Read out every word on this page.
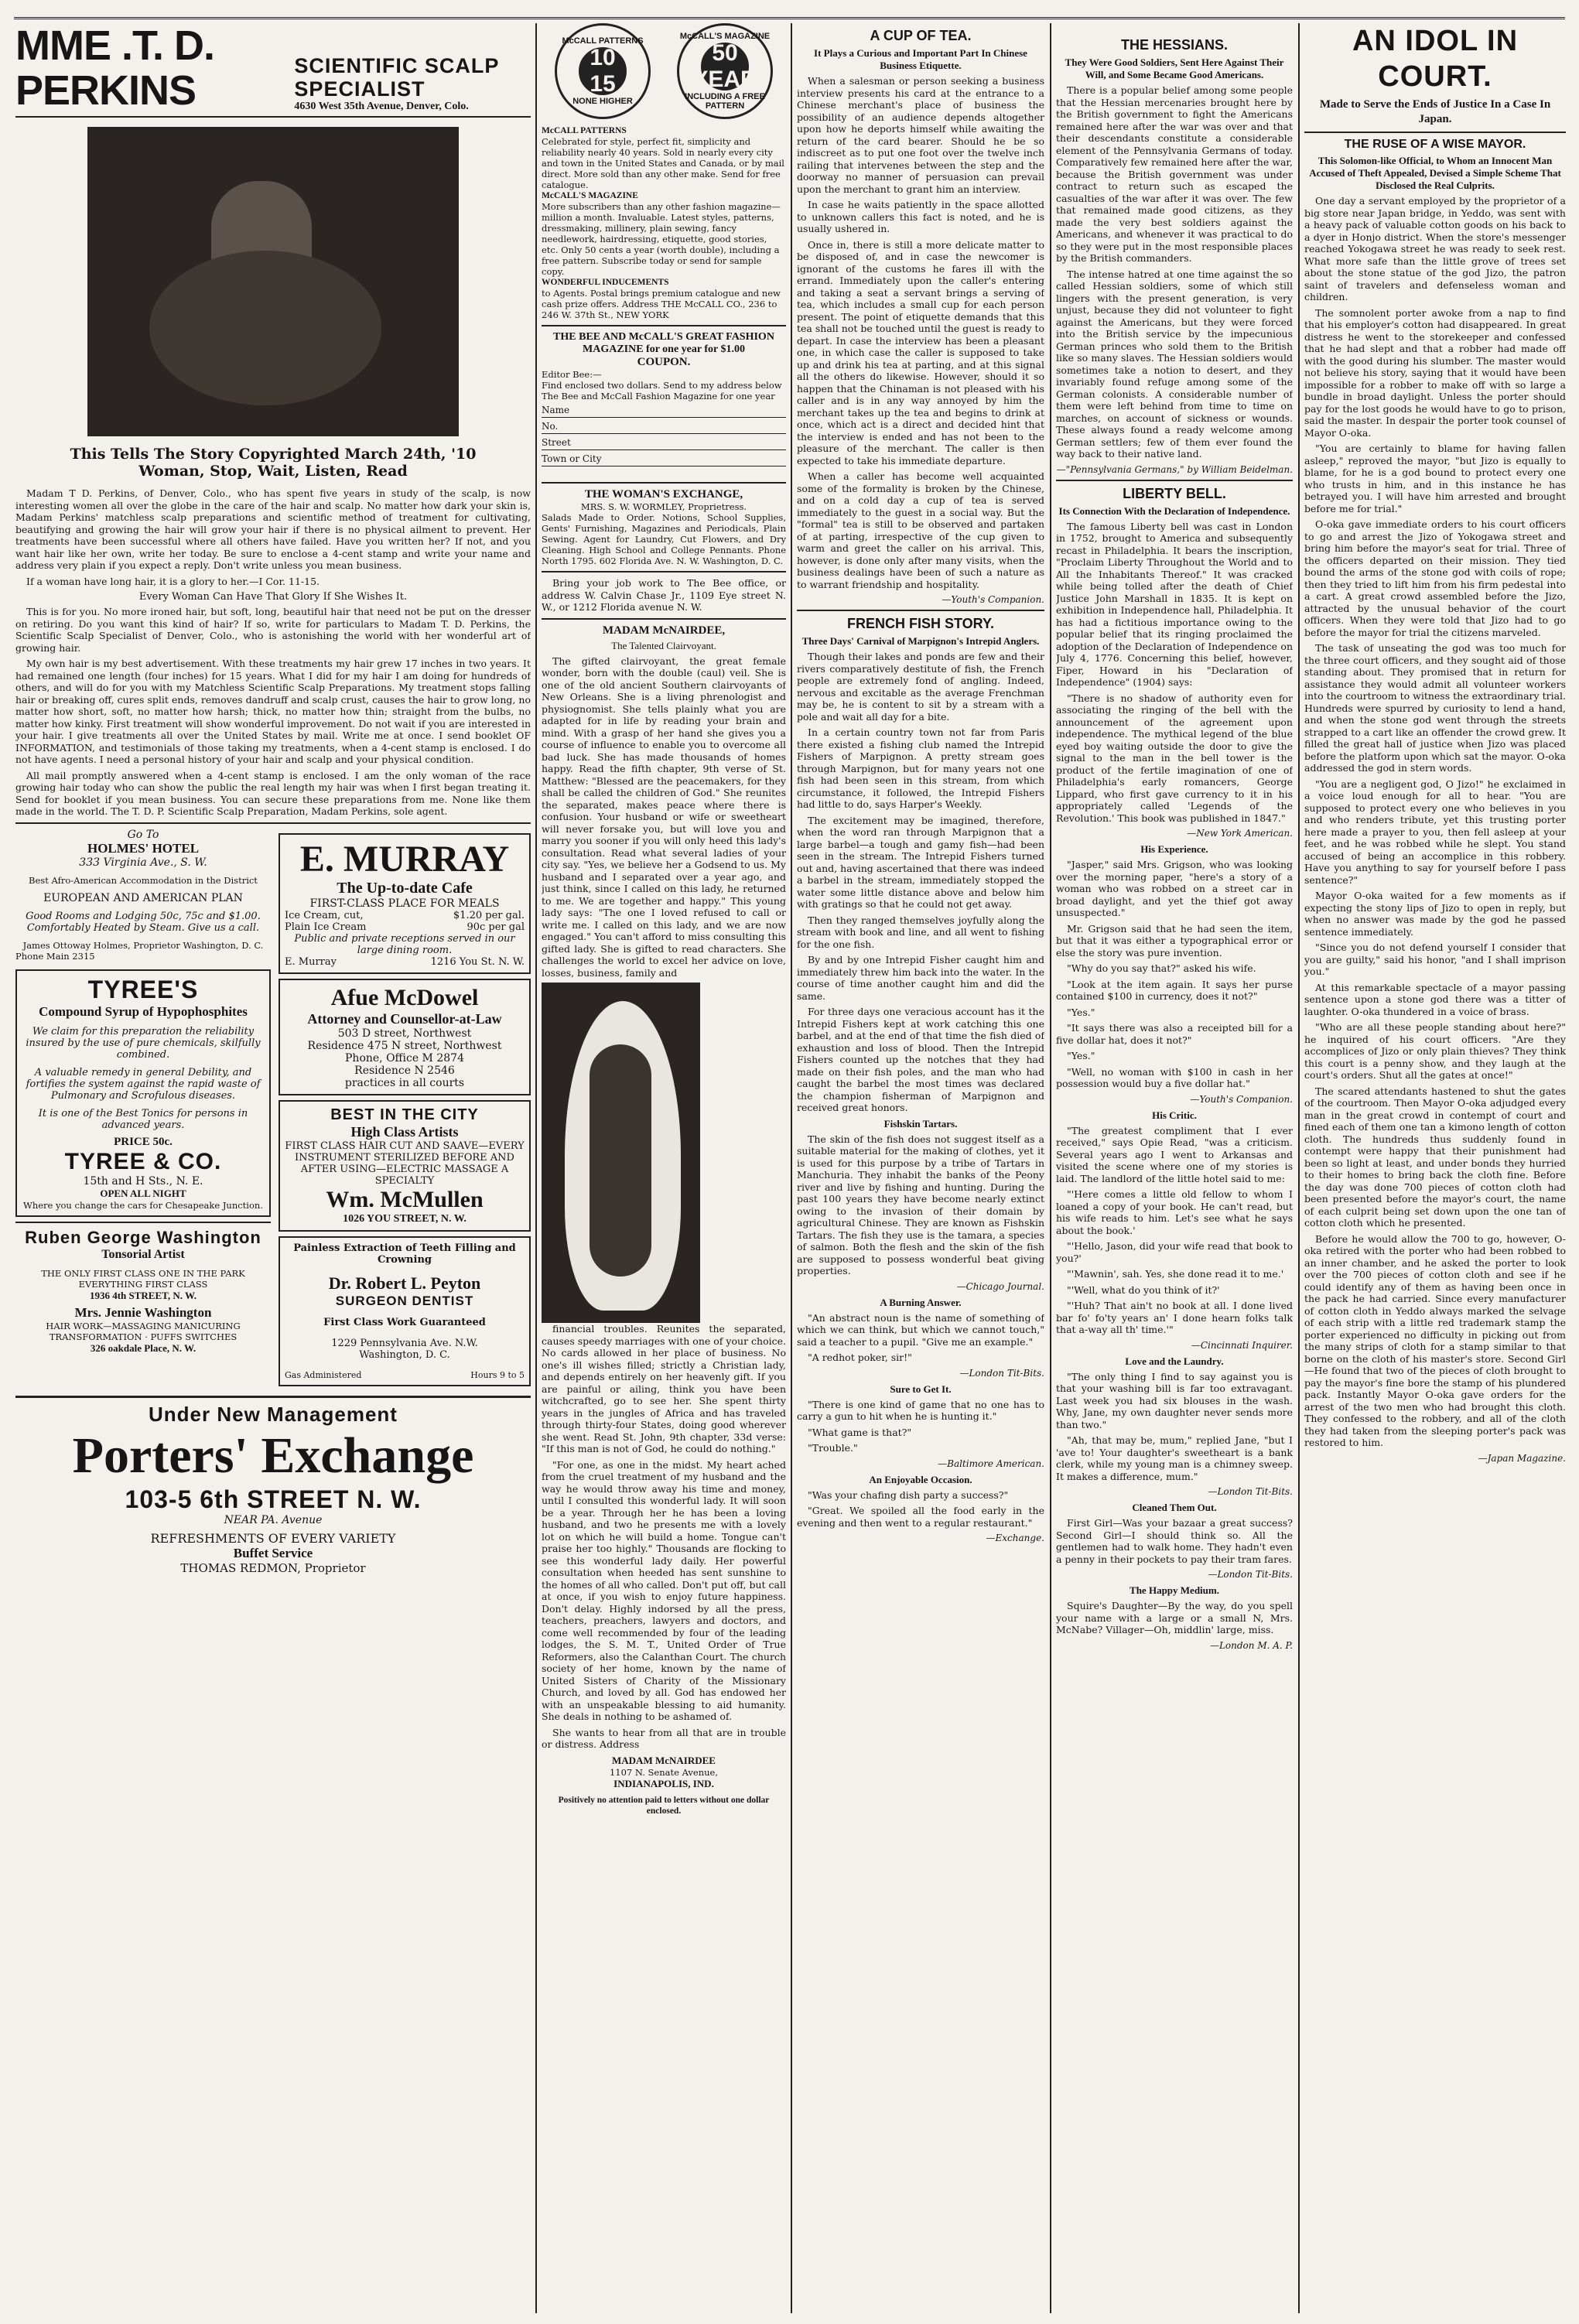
MME .T. D. PERKINS
SCIENTIFIC SCALP SPECIALIST
4630 West 35th Avenue, Denver, Colo.
This Tells The Story Copyrighted March 24th, '10
Woman, Stop, Wait, Listen, Read

Madam T D. Perkins, of Denver, Colo., who has spent five years in study of the scalp, is now interesting women all over the globe in the care of the hair and scalp. No matter how dark your skin is, Madam Perkins' matchless scalp preparations and scientific method of treatment for cultivating, beautifying and growing the hair will grow your hair if there is no physical ailment to prevent. Her treatments have been successful where all others have failed. Have you written her? If not, and you want hair like her own, write her today. Be sure to enclose a 4-cent stamp and write your name and address very plain if you expect a reply. Don't write unless you mean business.

If a woman have long hair, it is a glory to her.—I Cor. 11-15.

Every Woman Can Have That Glory If She Wishes It.

This is for you. No more ironed hair, but soft, long, beautiful hair that need not be put on the dresser on retiring. Do you want this kind of hair? If so, write for particulars to Madam T. D. Perkins, the Scientific Scalp Specialist of Denver, Colo., who is astonishing the world with her wonderful art of growing hair.

My own hair is my best advertisement. With these treatments my hair grew 17 inches in two years. It had remained one length (four inches) for 15 years. What I did for my hair I am doing for hundreds of others, and will do for you with my Matchless Scientific Scalp Preparations. My treatment stops falling hair or breaking off, cures split ends, removes dandruff and scalp crust, causes the hair to grow long, no matter how short, soft, no matter how harsh; thick, no matter how thin; straight from the bulbs, no matter how kinky. First treatment will show wonderful improvement. Do not wait if you are interested in your hair. I give treatments all over the United States by mail. Write me at once. I send booklet OF INFORMATION, and testimonials of those taking my treatments, when a 4-cent stamp is enclosed. I do not have agents. I need a personal history of your hair and scalp and your physical condition.

All mail promptly answered when a 4-cent stamp is enclosed. I am the only woman of the race growing hair today who can show the public the real length my hair was when I first began treating it. Send for booklet if you mean business. You can secure these preparations from me. None like them made in the world. The T. D. P. Scientific Scalp Preparation, Madam Perkins, sole agent.

Go To
HOLMES' HOTEL
333 Virginia Ave., S. W.
Best Afro-American Accommodation in the District
EUROPEAN AND AMERICAN PLAN
Good Rooms and Lodging 50c, 75c and $1.00. Comfortably Heated by Steam. Give us a call.
James Ottoway Holmes, Proprietor Washington, D. C.
Phone Main 2315
TYREE'S
Compound Syrup of Hypophosphites
We claim for this preparation the reliability insured by the use of pure chemicals, skilfully combined.
A valuable remedy in general Debility, and fortifies the system against the rapid waste of Pulmonary and Scrofulous diseases.
It is one of the Best Tonics for persons in advanced years.
PRICE 50c.
TYREE & CO.
15th and H Sts., N. E.
OPEN ALL NIGHT
Where you change the cars for Chesapeake Junction.
Ruben George Washington
Tonsorial Artist
THE ONLY FIRST CLASS ONE IN THE PARK
EVERYTHING FIRST CLASS
1936 4th STREET, N. W.
Mrs. Jennie Washington
HAIR WORK—MASSAGING MANICURING
TRANSFORMATION · PUFFS SWITCHES
326 oakdale Place, N. W.
E. MURRAY
The Up-to-date Cafe
FIRST-CLASS PLACE FOR MEALS
Ice Cream, cut,	$1.20 per gal.
Plain Ice Cream	90c per gal
Public and private receptions served in our large dining room.
E. Murray	1216 You St. N. W.
Afue McDowel
Attorney and Counsellor-at-Law
503 D street, Northwest
Residence 475 N street, Northwest
Phone, Office M 2874
Residence N 2546
practices in all courts
BEST IN THE CITY
High Class Artists
FIRST CLASS HAIR CUT AND SAAVE—EVERY INSTRUMENT STERILIZED BEFORE AND AFTER USING—ELECTRIC MASSAGE A SPECIALTY
Wm. McMullen
1026 YOU STREET, N. W.
Painless Extraction of Teeth Filling and Crowning
Dr. Robert L. Peyton
SURGEON DENTIST
First Class Work Guaranteed
1229 Pennsylvania Ave. N.W.
Washington, D. C.
Gas Administered	Hours 9 to 5
Under New Management
Porters' Exchange
103-5 6th STREET N. W.
NEAR PA. Avenue
REFRESHMENTS OF EVERY VARIETY
Buffet Service
THOMAS REDMON, Proprietor
McCALL PATTERNS
10 15
NONE HIGHER
McCALL'S MAGAZINE
50 YEAR
INCLUDING A FREE PATTERN
McCALL PATTERNS
Celebrated for style, perfect fit, simplicity and reliability nearly 40 years. Sold in nearly every city and town in the United States and Canada, or by mail direct. More sold than any other make. Send for free catalogue.
McCALL'S MAGAZINE
More subscribers than any other fashion magazine—million a month. Invaluable. Latest styles, patterns, dressmaking, millinery, plain sewing, fancy needlework, hairdressing, etiquette, good stories, etc. Only 50 cents a year (worth double), including a free pattern. Subscribe today or send for sample copy.
WONDERFUL INDUCEMENTS
to Agents. Postal brings premium catalogue and new cash prize offers. Address THE McCALL CO., 236 to 246 W. 37th St., NEW YORK
THE BEE AND McCALL'S GREAT FASHION MAGAZINE for one year for $1.00
COUPON.
Editor Bee:—
Find enclosed two dollars. Send to my address below The Bee and McCall Fashion Magazine for one year
Name
No.
Street
Town or City
THE WOMAN'S EXCHANGE,
MRS. S. W. WORMLEY, Proprietress.
Salads Made to Order. Notions, School Supplies, Gents' Furnishing, Magazines and Periodicals, Plain Sewing. Agent for Laundry, Cut Flowers, and Dry Cleaning. High School and College Pennants. Phone North 1795. 602 Florida Ave. N. W. Washington, D. C.

Bring your job work to The Bee office, or address W. Calvin Chase Jr., 1109 Eye street N. W., or 1212 Florida avenue N. W.

MADAM McNAIRDEE,
The Talented Clairvoyant.

The gifted clairvoyant, the great female wonder, born with the double (caul) veil. She is one of the old ancient Southern clairvoyants of New Orleans. She is a living phrenologist and physiognomist. She tells plainly what you are adapted for in life by reading your brain and mind. With a grasp of her hand she gives you a course of influence to enable you to overcome all bad luck. She has made thousands of homes happy. Read the fifth chapter, 9th verse of St. Matthew: "Blessed are the peacemakers, for they shall be called the children of God." She reunites the separated, makes peace where there is confusion. Your husband or wife or sweetheart will never forsake you, but will love you and marry you sooner if you will only heed this lady's consultation. Read what several ladies of your city say. "Yes, we believe her a Godsend to us. My husband and I separated over a year ago, and just think, since I called on this lady, he returned to me. We are together and happy." This young lady says: "The one I loved refused to call or write me. I called on this lady, and we are now engaged." You can't afford to miss consulting this gifted lady. She is gifted to read characters. She challenges the world to excel her advice on love, losses, business, family and

financial troubles. Reunites the separated, causes speedy marriages with one of your choice. No cards allowed in her place of business. No one's ill wishes filled; strictly a Christian lady, and depends entirely on her heavenly gift. If you are painful or ailing, think you have been witchcrafted, go to see her. She spent thirty years in the jungles of Africa and has traveled through thirty-four States, doing good wherever she went. Read St. John, 9th chapter, 33d verse: "If this man is not of God, he could do nothing."

"For one, as one in the midst. My heart ached from the cruel treatment of my husband and the way he would throw away his time and money, until I consulted this wonderful lady. It will soon be a year. Through her he has been a loving husband, and two he presents me with a lovely lot on which he will build a home. Tongue can't praise her too highly." Thousands are flocking to see this wonderful lady daily. Her powerful consultation when heeded has sent sunshine to the homes of all who called. Don't put off, but call at once, if you wish to enjoy future happiness. Don't delay. Highly indorsed by all the press, teachers, preachers, lawyers and doctors, and come well recommended by four of the leading lodges, the S. M. T., United Order of True Reformers, also the Calanthan Court. The church society of her home, known by the name of United Sisters of Charity of the Missionary Church, and loved by all. God has endowed her with an unspeakable blessing to aid humanity. She deals in nothing to be ashamed of.

She wants to hear from all that are in trouble or distress. Address

MADAM McNAIRDEE
1107 N. Senate Avenue,
INDIANAPOLIS, IND.
Positively no attention paid to letters without one dollar enclosed.
A CUP OF TEA.
It Plays a Curious and Important Part In Chinese Business Etiquette.

When a salesman or person seeking a business interview presents his card at the entrance to a Chinese merchant's place of business the possibility of an audience depends altogether upon how he deports himself while awaiting the return of the card bearer. Should he be so indiscreet as to put one foot over the twelve inch railing that intervenes between the step and the doorway no manner of persuasion can prevail upon the merchant to grant him an interview.

In case he waits patiently in the space allotted to unknown callers this fact is noted, and he is usually ushered in.

Once in, there is still a more delicate matter to be disposed of, and in case the newcomer is ignorant of the customs he fares ill with the errand. Immediately upon the caller's entering and taking a seat a servant brings a serving of tea, which includes a small cup for each person present. The point of etiquette demands that this tea shall not be touched until the guest is ready to depart. In case the interview has been a pleasant one, in which case the caller is supposed to take up and drink his tea at parting, and at this signal all the others do likewise. However, should it so happen that the Chinaman is not pleased with his caller and is in any way annoyed by him the merchant takes up the tea and begins to drink at once, which act is a direct and decided hint that the interview is ended and has not been to the pleasure of the merchant. The caller is then expected to take his immediate departure.

When a caller has become well acquainted some of the formality is broken by the Chinese, and on a cold day a cup of tea is served immediately to the guest in a social way. But the "formal" tea is still to be observed and partaken of at parting, irrespective of the cup given to warm and greet the caller on his arrival. This, however, is done only after many visits, when the business dealings have been of such a nature as to warrant friendship and hospitality.

—Youth's Companion.
FRENCH FISH STORY.
Three Days' Carnival of Marpignon's Intrepid Anglers.

Though their lakes and ponds are few and their rivers comparatively destitute of fish, the French people are extremely fond of angling. Indeed, nervous and excitable as the average Frenchman may be, he is content to sit by a stream with a pole and wait all day for a bite.

In a certain country town not far from Paris there existed a fishing club named the Intrepid Fishers of Marpignon. A pretty stream goes through Marpignon, but for many years not one fish had been seen in this stream, from which circumstance, it followed, the Intrepid Fishers had little to do, says Harper's Weekly.

The excitement may be imagined, therefore, when the word ran through Marpignon that a large barbel—a tough and gamy fish—had been seen in the stream. The Intrepid Fishers turned out and, having ascertained that there was indeed a barbel in the stream, immediately stopped the water some little distance above and below him with gratings so that he could not get away.

Then they ranged themselves joyfully along the stream with book and line, and all went to fishing for the one fish.

By and by one Intrepid Fisher caught him and immediately threw him back into the water. In the course of time another caught him and did the same.

For three days one veracious account has it the Intrepid Fishers kept at work catching this one barbel, and at the end of that time the fish died of exhaustion and loss of blood. Then the Intrepid Fishers counted up the notches that they had made on their fish poles, and the man who had caught the barbel the most times was declared the champion fisherman of Marpignon and received great honors.

Fishskin Tartars.

The skin of the fish does not suggest itself as a suitable material for the making of clothes, yet it is used for this purpose by a tribe of Tartars in Manchuria. They inhabit the banks of the Peony river and live by fishing and hunting. During the past 100 years they have become nearly extinct owing to the invasion of their domain by agricultural Chinese. They are known as Fishskin Tartars. The fish they use is the tamara, a species of salmon. Both the flesh and the skin of the fish are supposed to possess wonderful beat giving properties.

—Chicago Journal.
A Burning Answer.

"An abstract noun is the name of something of which we can think, but which we cannot touch," said a teacher to a pupil. "Give me an example."

"A redhot poker, sir!"

—London Tit-Bits.
Sure to Get It.

"There is one kind of game that no one has to carry a gun to hit when he is hunting it."

"What game is that?"

"Trouble."

—Baltimore American.
An Enjoyable Occasion.

"Was your chafing dish party a success?"

"Great. We spoiled all the food early in the evening and then went to a regular restaurant."

—Exchange.
THE HESSIANS.
They Were Good Soldiers, Sent Here Against Their Will, and Some Became Good Americans.

There is a popular belief among some people that the Hessian mercenaries brought here by the British government to fight the Americans remained here after the war was over and that their descendants constitute a considerable element of the Pennsylvania Germans of today. Comparatively few remained here after the war, because the British government was under contract to return such as escaped the casualties of the war after it was over. The few that remained made good citizens, as they made the very best soldiers against the Americans, and whenever it was practical to do so they were put in the most responsible places by the British commanders.

The intense hatred at one time against the so called Hessian soldiers, some of which still lingers with the present generation, is very unjust, because they did not volunteer to fight against the Americans, but they were forced into the British service by the impecunious German princes who sold them to the British like so many slaves. The Hessian soldiers would sometimes take a notion to desert, and they invariably found refuge among some of the German colonists. A considerable number of them were left behind from time to time on marches, on account of sickness or wounds. These always found a ready welcome among German settlers; few of them ever found the way back to their native land.

—"Pennsylvania Germans," by William Beidelman.
LIBERTY BELL.
Its Connection With the Declaration of Independence.

The famous Liberty bell was cast in London in 1752, brought to America and subsequently recast in Philadelphia. It bears the inscription, "Proclaim Liberty Throughout the World and to All the Inhabitants Thereof." It was cracked while being tolled after the death of Chief Justice John Marshall in 1835. It is kept on exhibition in Independence hall, Philadelphia. It has had a fictitious importance owing to the popular belief that its ringing proclaimed the adoption of the Declaration of Independence on July 4, 1776. Concerning this belief, however, Fiper, Howard in his "Declaration of Independence" (1904) says:

"There is no shadow of authority even for associating the ringing of the bell with the announcement of the agreement upon independence. The mythical legend of the blue eyed boy waiting outside the door to give the signal to the man in the bell tower is the product of the fertile imagination of one of Philadelphia's early romancers, George Lippard, who first gave currency to it in his appropriately called 'Legends of the Revolution.' This book was published in 1847."

—New York American.
His Experience.

"Jasper," said Mrs. Grigson, who was looking over the morning paper, "here's a story of a woman who was robbed on a street car in broad daylight, and yet the thief got away unsuspected."

Mr. Grigson said that he had seen the item, but that it was either a typographical error or else the story was pure invention.

"Why do you say that?" asked his wife.

"Look at the item again. It says her purse contained $100 in currency, does it not?"

"Yes."

"It says there was also a receipted bill for a five dollar hat, does it not?"

"Yes."

"Well, no woman with $100 in cash in her possession would buy a five dollar hat."

—Youth's Companion.
His Critic.

"The greatest compliment that I ever received," says Opie Read, "was a criticism. Several years ago I went to Arkansas and visited the scene where one of my stories is laid. The landlord of the little hotel said to me:

"'Here comes a little old fellow to whom I loaned a copy of your book. He can't read, but his wife reads to him. Let's see what he says about the book.'

"'Hello, Jason, did your wife read that book to you?'

"'Mawnin', sah. Yes, she done read it to me.'

"'Well, what do you think of it?'

"'Huh? That ain't no book at all. I done lived bar fo' fo'ty years an' I done hearn folks talk that a-way all th' time.'"

—Cincinnati Inquirer.
Love and the Laundry.

"The only thing I find to say against you is that your washing bill is far too extravagant. Last week you had six blouses in the wash. Why, Jane, my own daughter never sends more than two."

"Ah, that may be, mum," replied Jane, "but I 'ave to! Your daughter's sweetheart is a bank clerk, while my young man is a chimney sweep. It makes a difference, mum."

—London Tit-Bits.
Cleaned Them Out.

First Girl—Was your bazaar a great success? Second Girl—I should think so. All the gentlemen had to walk home. They hadn't even a penny in their pockets to pay their tram fares.

—London Tit-Bits.
The Happy Medium.

Squire's Daughter—By the way, do you spell your name with a large or a small N, Mrs. McNabe? Villager—Oh, middlin' large, miss.

—London M. A. P.
AN IDOL IN COURT.
Made to Serve the Ends of Justice In a Case In Japan.
THE RUSE OF A WISE MAYOR.
This Solomon-like Official, to Whom an Innocent Man Accused of Theft Appealed, Devised a Simple Scheme That Disclosed the Real Culprits.

One day a servant employed by the proprietor of a big store near Japan bridge, in Yeddo, was sent with a heavy pack of valuable cotton goods on his back to a dyer in Honjo district. When the store's messenger reached Yokogawa street he was ready to seek rest. What more safe than the little grove of trees set about the stone statue of the god Jizo, the patron saint of travelers and defenseless woman and children.

The somnolent porter awoke from a nap to find that his employer's cotton had disappeared. In great distress he went to the storekeeper and confessed that he had slept and that a robber had made off with the good during his slumber. The master would not believe his story, saying that it would have been impossible for a robber to make off with so large a bundle in broad daylight. Unless the porter should pay for the lost goods he would have to go to prison, said the master. In despair the porter took counsel of Mayor O-oka.

"You are certainly to blame for having fallen asleep," reproved the mayor, "but Jizo is equally to blame, for he is a god bound to protect every one who trusts in him, and in this instance he has betrayed you. I will have him arrested and brought before me for trial."

O-oka gave immediate orders to his court officers to go and arrest the Jizo of Yokogawa street and bring him before the mayor's seat for trial. Three of the officers departed on their mission. They tied bound the arms of the stone god with coils of rope; then they tried to lift him from his firm pedestal into a cart. A great crowd assembled before the Jizo, attracted by the unusual behavior of the court officers. When they were told that Jizo had to go before the mayor for trial the citizens marveled.

The task of unseating the god was too much for the three court officers, and they sought aid of those standing about. They promised that in return for assistance they would admit all volunteer workers into the courtroom to witness the extraordinary trial. Hundreds were spurred by curiosity to lend a hand, and when the stone god went through the streets strapped to a cart like an offender the crowd grew. It filled the great hall of justice when Jizo was placed before the platform upon which sat the mayor. O-oka addressed the god in stern words.

"You are a negligent god, O Jizo!" he exclaimed in a voice loud enough for all to hear. "You are supposed to protect every one who believes in you and who renders tribute, yet this trusting porter here made a prayer to you, then fell asleep at your feet, and he was robbed while he slept. You stand accused of being an accomplice in this robbery. Have you anything to say for yourself before I pass sentence?"

Mayor O-oka waited for a few moments as if expecting the stony lips of Jizo to open in reply, but when no answer was made by the god he passed sentence immediately.

"Since you do not defend yourself I consider that you are guilty," said his honor, "and I shall imprison you."

At this remarkable spectacle of a mayor passing sentence upon a stone god there was a titter of laughter. O-oka thundered in a voice of brass.

"Who are all these people standing about here?" he inquired of his court officers. "Are they accomplices of Jizo or only plain thieves? They think this court is a penny show, and they laugh at the court's orders. Shut all the gates at once!"

The scared attendants hastened to shut the gates of the courtroom. Then Mayor O-oka adjudged every man in the great crowd in contempt of court and fined each of them one tan a kimono length of cotton cloth. The hundreds thus suddenly found in contempt were happy that their punishment had been so light at least, and under bonds they hurried to their homes to bring back the cloth fine. Before the day was done 700 pieces of cotton cloth had been presented before the mayor's court, the name of each culprit being set down upon the one tan of cotton cloth which he presented.

Before he would allow the 700 to go, however, O-oka retired with the porter who had been robbed to an inner chamber, and he asked the porter to look over the 700 pieces of cotton cloth and see if he could identify any of them as having been once in the pack he had carried. Since every manufacturer of cotton cloth in Yeddo always marked the selvage of each strip with a little red trademark stamp the porter experienced no difficulty in picking out from the many strips of cloth for a stamp similar to that borne on the cloth of his master's store. Second Girl—He found that two of the pieces of cloth brought to pay the mayor's fine bore the stamp of his plundered pack. Instantly Mayor O-oka gave orders for the arrest of the two men who had brought this cloth. They confessed to the robbery, and all of the cloth they had taken from the sleeping porter's pack was restored to him.

—Japan Magazine.
